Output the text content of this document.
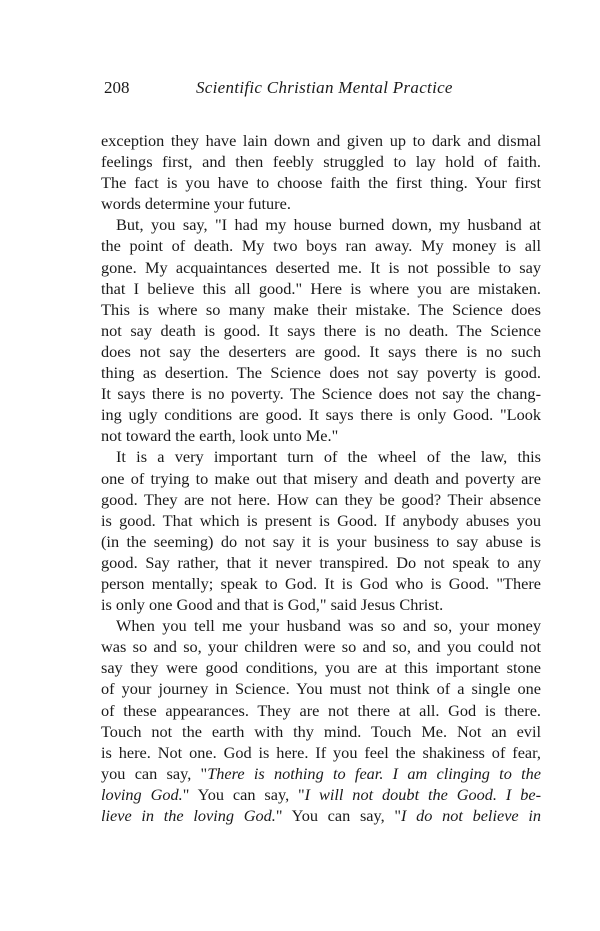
208	Scientific Christian Mental Practice
exception they have lain down and given up to dark and dismal
feelings first, and then feebly struggled to lay hold of faith.
The fact is you have to choose faith the first thing. Your first
words determine your future.
But, you say, "I had my house burned down, my husband at
the point of death. My two boys ran away. My money is all
gone. My acquaintances deserted me. It is not possible to say
that I believe this all good." Here is where you are mistaken.
This is where so many make their mistake. The Science does
not say death is good. It says there is no death. The Science
does not say the deserters are good. It says there is no such
thing as desertion. The Science does not say poverty is good.
It says there is no poverty. The Science does not say the chang-
ing ugly conditions are good. It says there is only Good. "Look
not toward the earth, look unto Me."
It is a very important turn of the wheel of the law, this
one of trying to make out that misery and death and poverty are
good. They are not here. How can they be good? Their absence
is good. That which is present is Good. If anybody abuses you
(in the seeming) do not say it is your business to say abuse is
good. Say rather, that it never transpired. Do not speak to any
person mentally; speak to God. It is God who is Good. "There
is only one Good and that is God," said Jesus Christ.
When you tell me your husband was so and so, your money
was so and so, your children were so and so, and you could not
say they were good conditions, you are at this important stone
of your journey in Science. You must not think of a single one
of these appearances. They are not there at all. God is there.
Touch not the earth with thy mind. Touch Me. Not an evil
is here. Not one. God is here. If you feel the shakiness of fear,
you can say, "There is nothing to fear. I am clinging to the
loving God." You can say, "I will not doubt the Good. I be-
lieve in the loving God." You can say, "I do not believe in
